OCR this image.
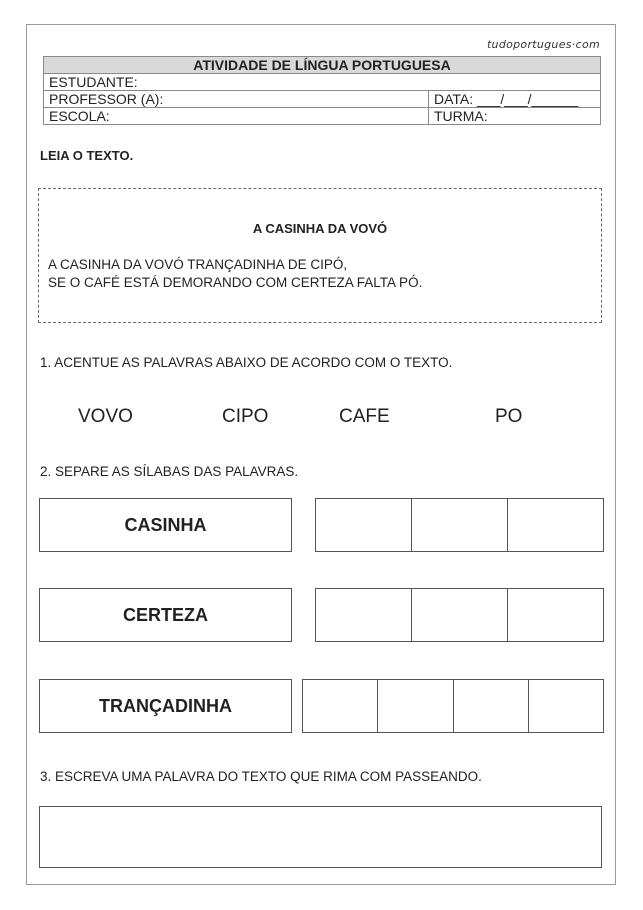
tudoportugues·com
ATIVIDADE DE LÍNGUA PORTUGUESA	
ESTUDANTE:	
PROFESSOR (A):	DATA: ___/___/______
ESCOLA:	TURMA:
LEIA O TEXTO.
A CASINHA DA VOVÓ
A CASINHA DA VOVÓ TRANÇADINHA DE CIPÓ,
SE O CAFÉ ESTÁ DEMORANDO COM CERTEZA FALTA PÓ.
1. ACENTUE AS PALAVRAS ABAIXO DE ACORDO COM O TEXTO.
VOVO	CIPO	CAFE	PO
2. SEPARE AS SÍLABAS DAS PALAVRAS.
CASINHA
CERTEZA
TRANÇADINHA
3. ESCREVA UMA PALAVRA DO TEXTO QUE RIMA COM PASSEANDO.
